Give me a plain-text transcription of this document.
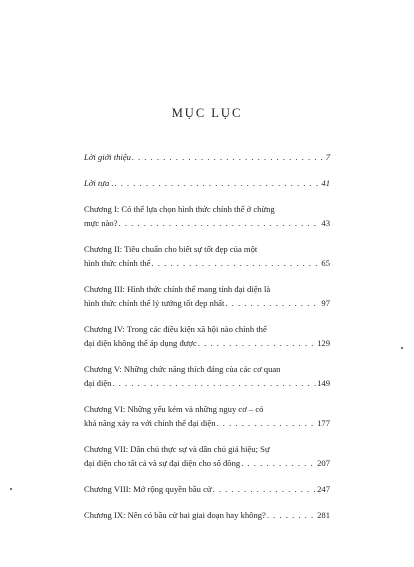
MỤC LỤC
Lời giới thiệu . . .	7
Lời tựa . . . .	41
Chương I: Có thể lựa chọn hình thức chính thể ở chừng
mực nào? . . .	43
Chương II: Tiêu chuẩn cho biết sự tốt đẹp của một
hình thức chính thể . . .	65
Chương III: Hình thức chính thể mang tính đại diện là
hình thức chính thể lý tưởng tốt đẹp nhất . . .	97
Chương IV: Trong các điều kiện xã hội nào chính thể
đại diện không thể áp dụng được . . .	129
Chương V: Những chức năng thích đáng của các cơ quan
đại diện . . .	149
Chương VI: Những yếu kém và những nguy cơ – có
khả năng xảy ra với chính thể đại diện . . .	177
Chương VII: Dân chủ thực sự và dân chủ giả hiệu; Sự
đại diện cho tất cả và sự đại diện cho số đông . . .	207
Chương VIII: Mở rộng quyền bầu cử . . .	247
Chương IX: Nên có bầu cử hai giai đoạn hay không? . . .	281
